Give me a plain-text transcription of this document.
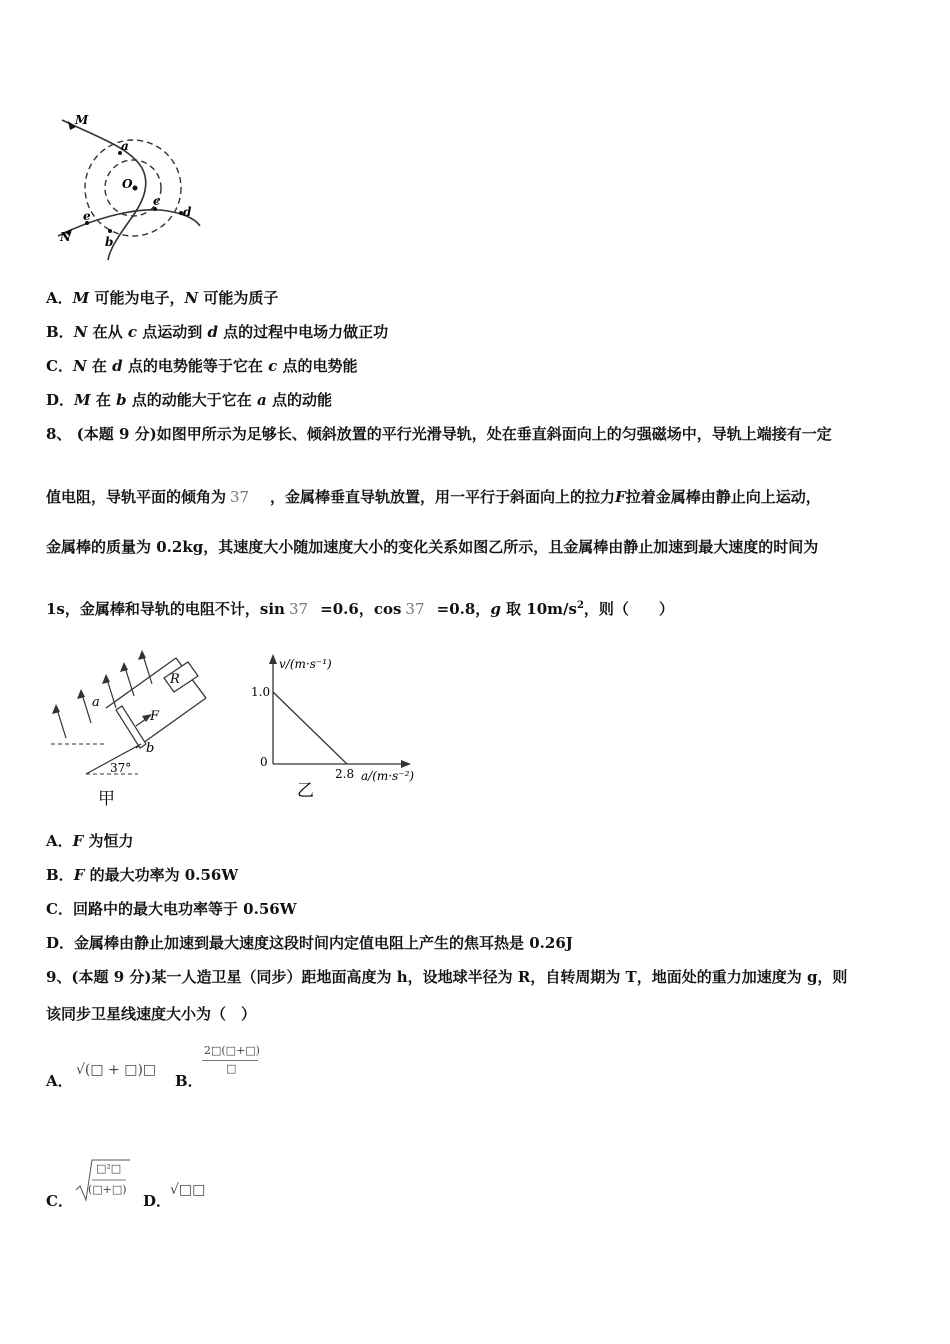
M
N
O
a
b
c
d
e
A．M 可能为电子，N 可能为质子
B．N 在从 c 点运动到 d 点的过程中电场力做正功
C．N 在 d 点的电势能等于它在 c 点的电势能
D．M 在 b 点的动能大于它在 a 点的动能
8、 (本题 9 分)如图甲所示为足够长、倾斜放置的平行光滑导轨，处在垂直斜面向上的匀强磁场中，导轨上端接有一定
值电阻，导轨平面的倾角为 37 ，金属棒垂直导轨放置，用一平行于斜面向上的拉力F拉着金属棒由静止向上运动，
金属棒的质量为 0.2kg，其速度大小随加速度大小的变化关系如图乙所示，且金属棒由静止加速到最大速度的时间为
1s，金属棒和导轨的电阻不计，sin 37 =0.6，cos 37 =0.8，g 取 $10m/s^2$，则（　　）
R
F
a
b
37°
甲
v/(m·s⁻¹)
a/(m·s⁻²)
1.0
2.8
0
乙
A．F 为恒力
B．F 的最大功率为 0.56W
C．回路中的最大电功率等于 0.56W
D．金属棒由静止加速到最大速度这段时间内定值电阻上产生的焦耳热是 0.26J
9、(本题 9 分)某一人造卫星（同步）距地面高度为 h，设地球半径为 R，自转周期为 T，地面处的重力加速度为 g，则
该同步卫星线速度大小为（　）
A．
√(□ + □)□
B．
2□(□+□)
□
C．
□²□
(□+□)
D．
√□□
